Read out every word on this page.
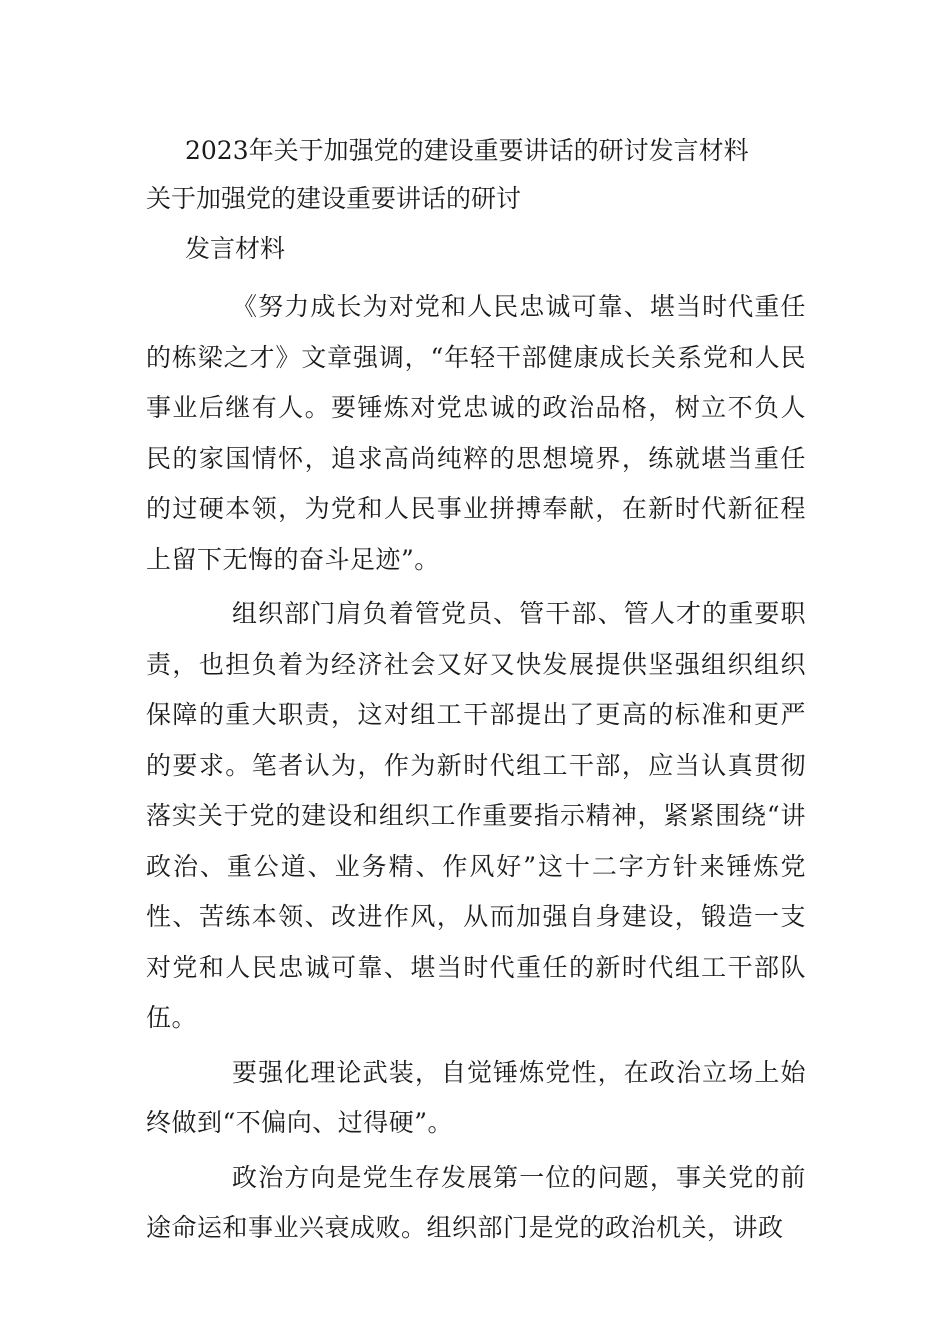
2023年关于加强党的建设重要讲话的研讨发言材料
关于加强党的建设重要讲话的研讨
发言材料

《努力成长为对党和人民忠诚可靠、堪当时代重任的栋梁之才》文章强调，“年轻干部健康成长关系党和人民事业后继有人。要锤炼对党忠诚的政治品格，树立不负人民的家国情怀，追求高尚纯粹的思想境界，练就堪当重任的过硬本领，为党和人民事业拼搏奉献，在新时代新征程上留下无悔的奋斗足迹”。

组织部门肩负着管党员、管干部、管人才的重要职责，也担负着为经济社会又好又快发展提供坚强组织组织保障的重大职责，这对组工干部提出了更高的标准和更严的要求。笔者认为，作为新时代组工干部，应当认真贯彻落实关于党的建设和组织工作重要指示精神，紧紧围绕“讲政治、重公道、业务精、作风好”这十二字方针来锤炼党性、苦练本领、改进作风，从而加强自身建设，锻造一支对党和人民忠诚可靠、堪当时代重任的新时代组工干部队伍。

要强化理论武装，自觉锤炼党性，在政治立场上始终做到“不偏向、过得硬”。

政治方向是党生存发展第一位的问题，事关党的前途命运和事业兴衰成败。组织部门是党的政治机关，讲政
